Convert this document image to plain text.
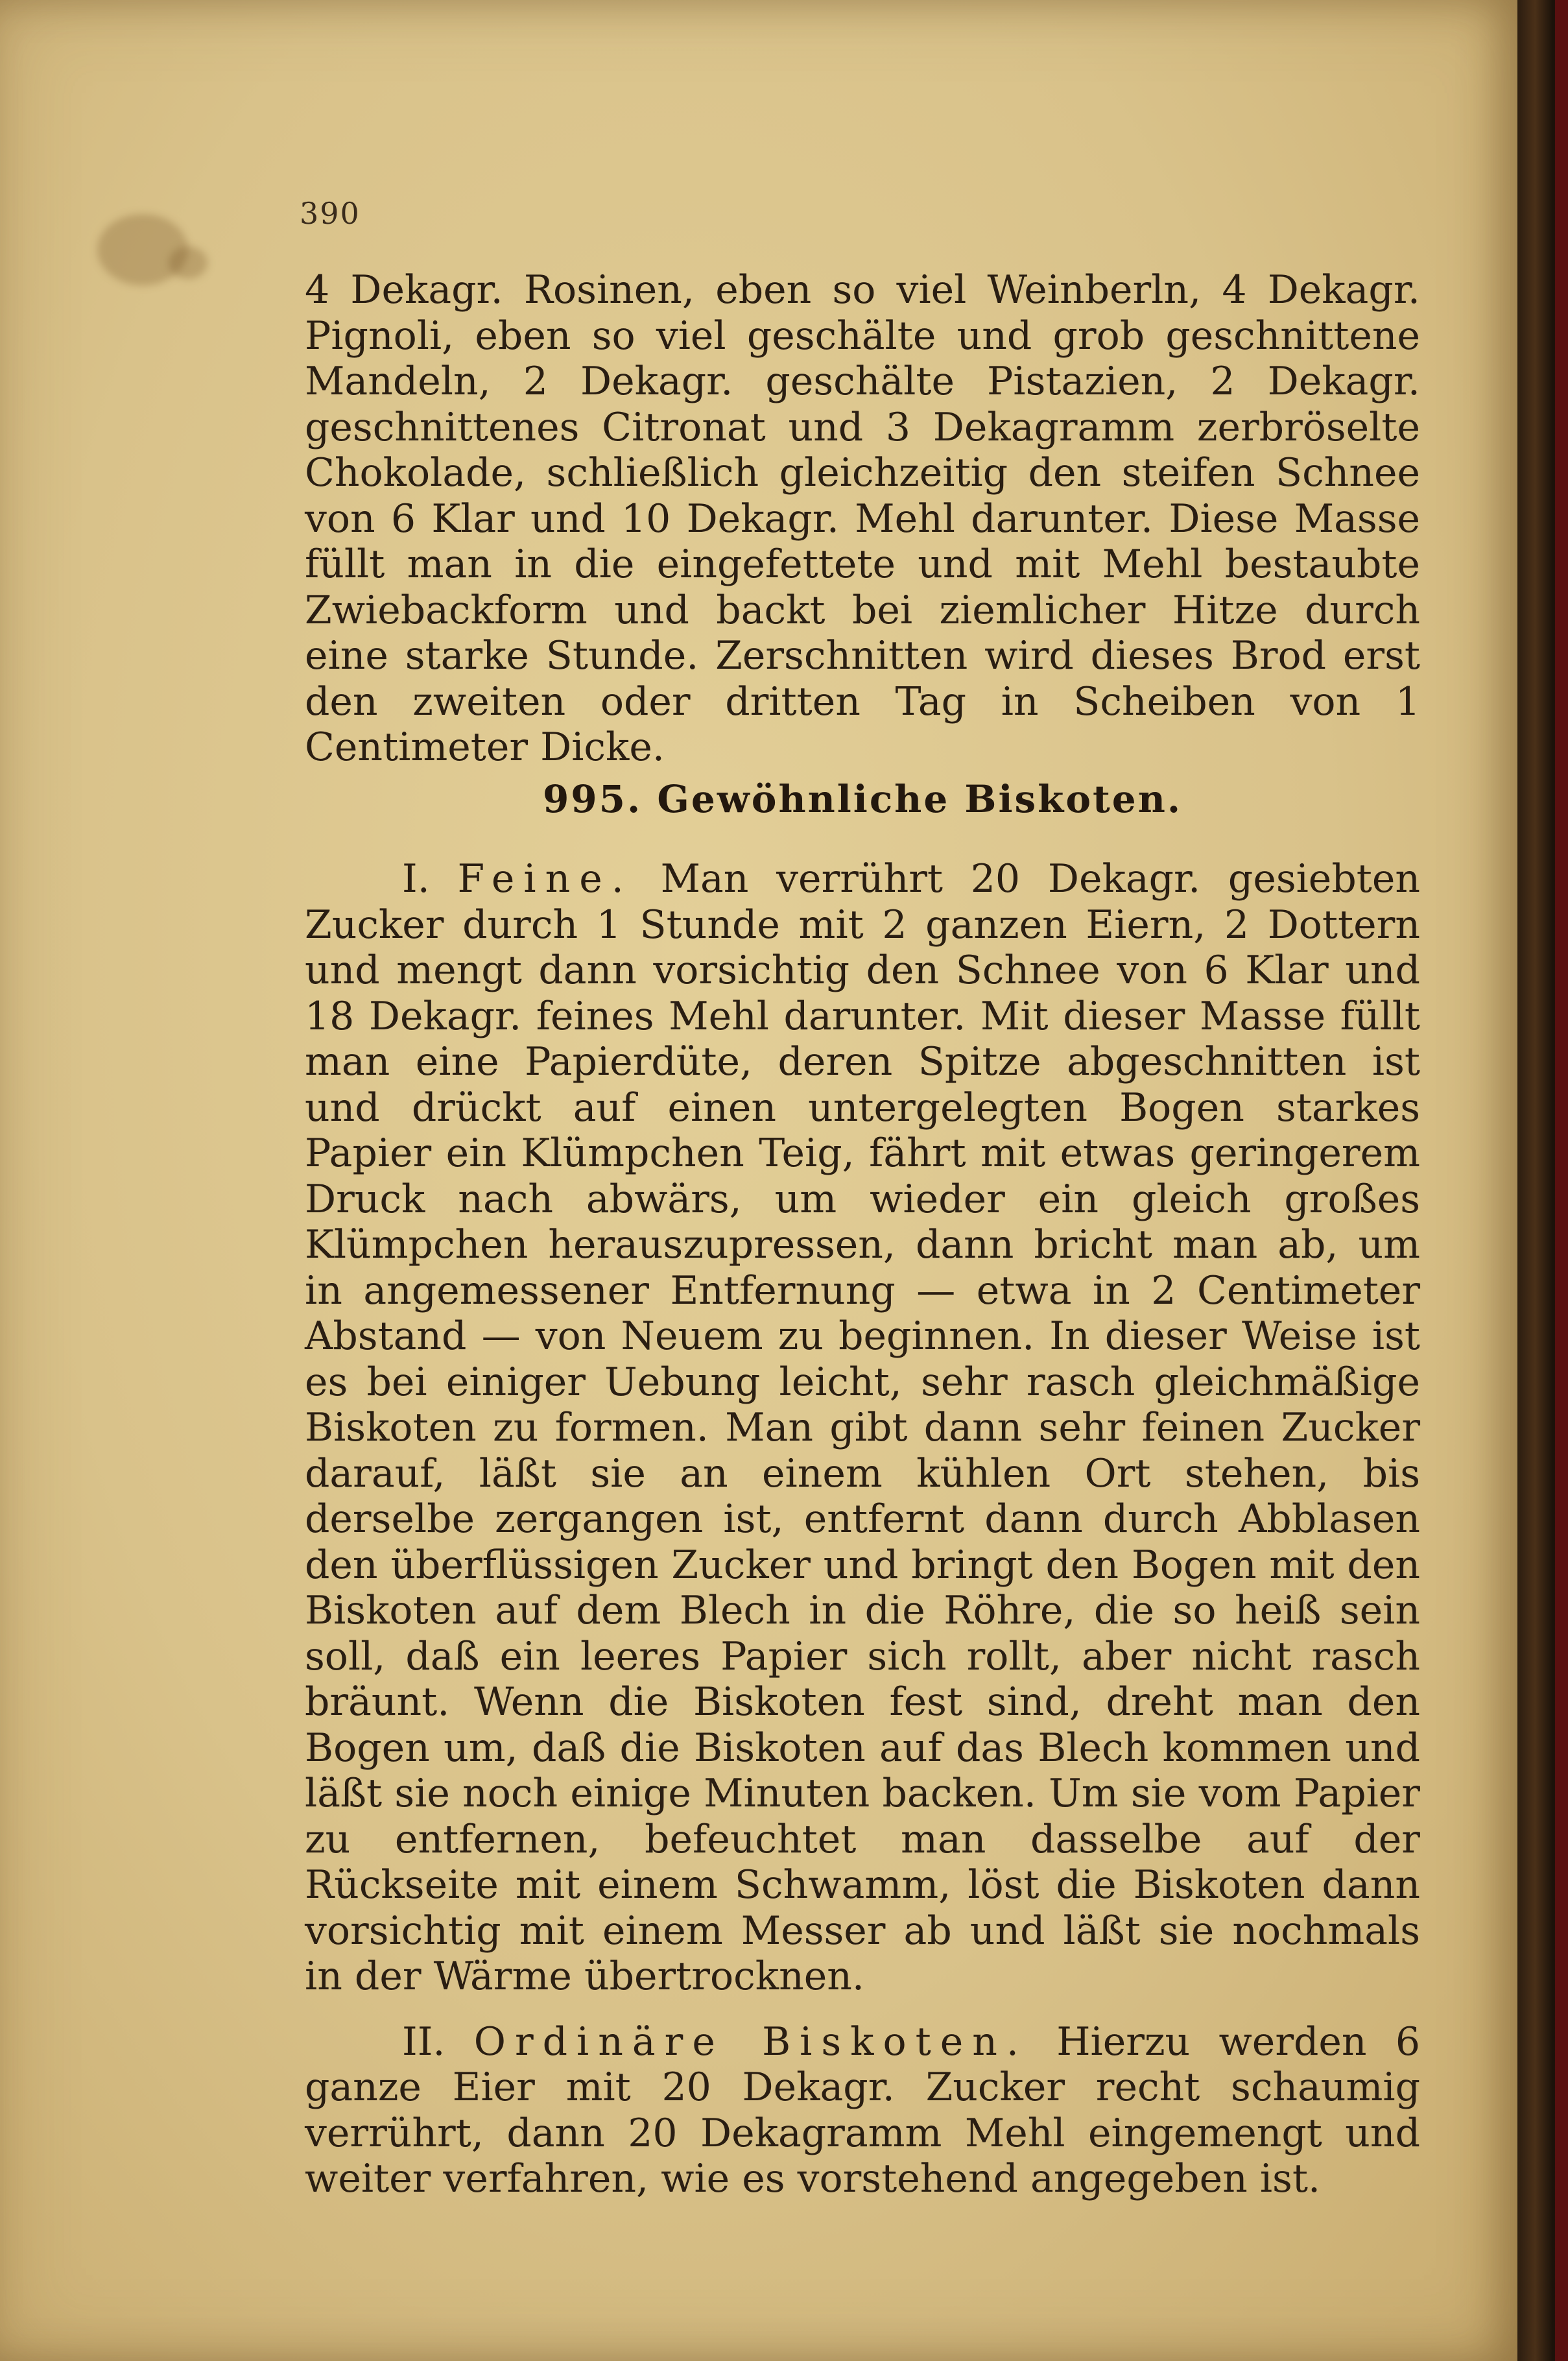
390

4 Dekagr. Rosinen, eben so viel Weinberln, 4 Dekagr. Pignoli, eben so viel geschälte und grob geschnittene Mandeln, 2 Dekagr. geschälte Pistazien, 2 Dekagr. geschnittenes Citronat und 3 Dekagramm zerbröselte Chokolade, schließlich gleichzeitig den steifen Schnee von 6 Klar und 10 Dekagr. Mehl darunter. Diese Masse füllt man in die eingefettete und mit Mehl bestaubte Zwiebackform und backt bei ziemlicher Hitze durch eine starke Stunde. Zerschnitten wird dieses Brod erst den zweiten oder dritten Tag in Scheiben von 1 Centimeter Dicke.

995. Gewöhnliche Biskoten.

I. Feine. Man verrührt 20 Dekagr. gesiebten Zucker durch 1 Stunde mit 2 ganzen Eiern, 2 Dottern und mengt dann vorsichtig den Schnee von 6 Klar und 18 Dekagr. feines Mehl darunter. Mit dieser Masse füllt man eine Papierdüte, deren Spitze abgeschnitten ist und drückt auf einen untergelegten Bogen starkes Papier ein Klümpchen Teig, fährt mit etwas geringerem Druck nach abwärs, um wieder ein gleich großes Klümpchen herauszupressen, dann bricht man ab, um in angemessener Entfernung — etwa in 2 Centimeter Abstand — von Neuem zu beginnen. In dieser Weise ist es bei einiger Uebung leicht, sehr rasch gleichmäßige Biskoten zu formen. Man gibt dann sehr feinen Zucker darauf, läßt sie an einem kühlen Ort stehen, bis derselbe zergangen ist, entfernt dann durch Abblasen den überflüssigen Zucker und bringt den Bogen mit den Biskoten auf dem Blech in die Röhre, die so heiß sein soll, daß ein leeres Papier sich rollt, aber nicht rasch bräunt. Wenn die Biskoten fest sind, dreht man den Bogen um, daß die Biskoten auf das Blech kommen und läßt sie noch einige Minuten backen. Um sie vom Papier zu entfernen, befeuchtet man dasselbe auf der Rückseite mit einem Schwamm, löst die Biskoten dann vorsichtig mit einem Messer ab und läßt sie nochmals in der Wärme übertrocknen.

II. Ordinäre Biskoten. Hierzu werden 6 ganze Eier mit 20 Dekagr. Zucker recht schaumig verrührt, dann 20 Dekagramm Mehl eingemengt und weiter verfahren, wie es vorstehend angegeben ist.
